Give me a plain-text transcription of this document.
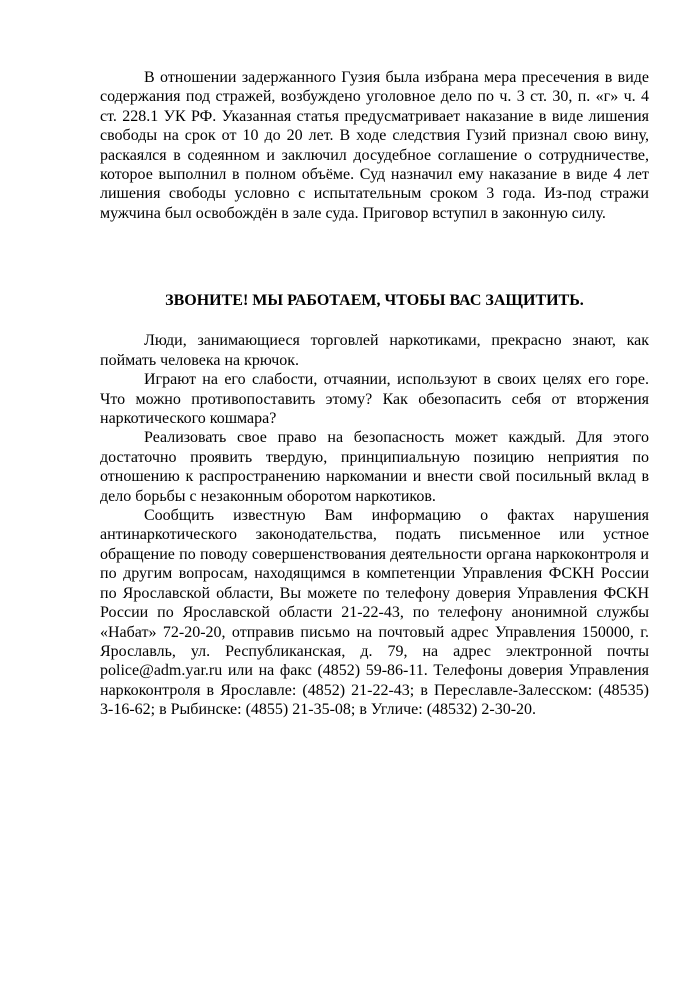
В отношении задержанного Гузия была избрана мера пресечения в виде содержания под стражей, возбуждено уголовное дело по ч. 3 ст. 30, п. «г» ч. 4 ст. 228.1 УК РФ. Указанная статья предусматривает наказание в виде лишения свободы на срок от 10 до 20 лет. В ходе следствия Гузий признал свою вину, раскаялся в содеянном и заключил досудебное соглашение о сотрудничестве, которое выполнил в полном объёме. Суд назначил ему наказание в виде 4 лет лишения свободы условно с испытательным сроком 3 года. Из-под стражи мужчина был освобождён в зале суда. Приговор вступил в законную силу.

ЗВОНИТЕ! МЫ РАБОТАЕМ, ЧТОБЫ ВАС ЗАЩИТИТЬ.

Люди, занимающиеся торговлей наркотиками, прекрасно знают, как поймать человека на крючок.

Играют на его слабости, отчаянии, используют в своих целях его горе. Что можно противопоставить этому? Как обезопасить себя от вторжения наркотического кошмара?

Реализовать свое право на безопасность может каждый. Для этого достаточно проявить твердую, принципиальную позицию неприятия по отношению к распространению наркомании и внести свой посильный вклад в дело борьбы с незаконным оборотом наркотиков.

Сообщить известную Вам информацию о фактах нарушения антинаркотического законодательства, подать письменное или устное обращение по поводу совершенствования деятельности органа наркоконтроля и по другим вопросам, находящимся в компетенции Управления ФСКН России по Ярославской области, Вы можете по телефону доверия Управления ФСКН России по Ярославской области 21-22-43, по телефону анонимной службы «Набат» 72-20-20, отправив письмо на почтовый адрес Управления 150000, г. Ярославль, ул. Республиканская, д. 79, на адрес электронной почты police@adm.yar.ru или на факс (4852) 59-86-11. Телефоны доверия Управления наркоконтроля в Ярославле: (4852) 21-22-43; в Переславле-Залесском: (48535) 3-16-62; в Рыбинске: (4855) 21-35-08; в Угличе: (48532) 2-30-20.
